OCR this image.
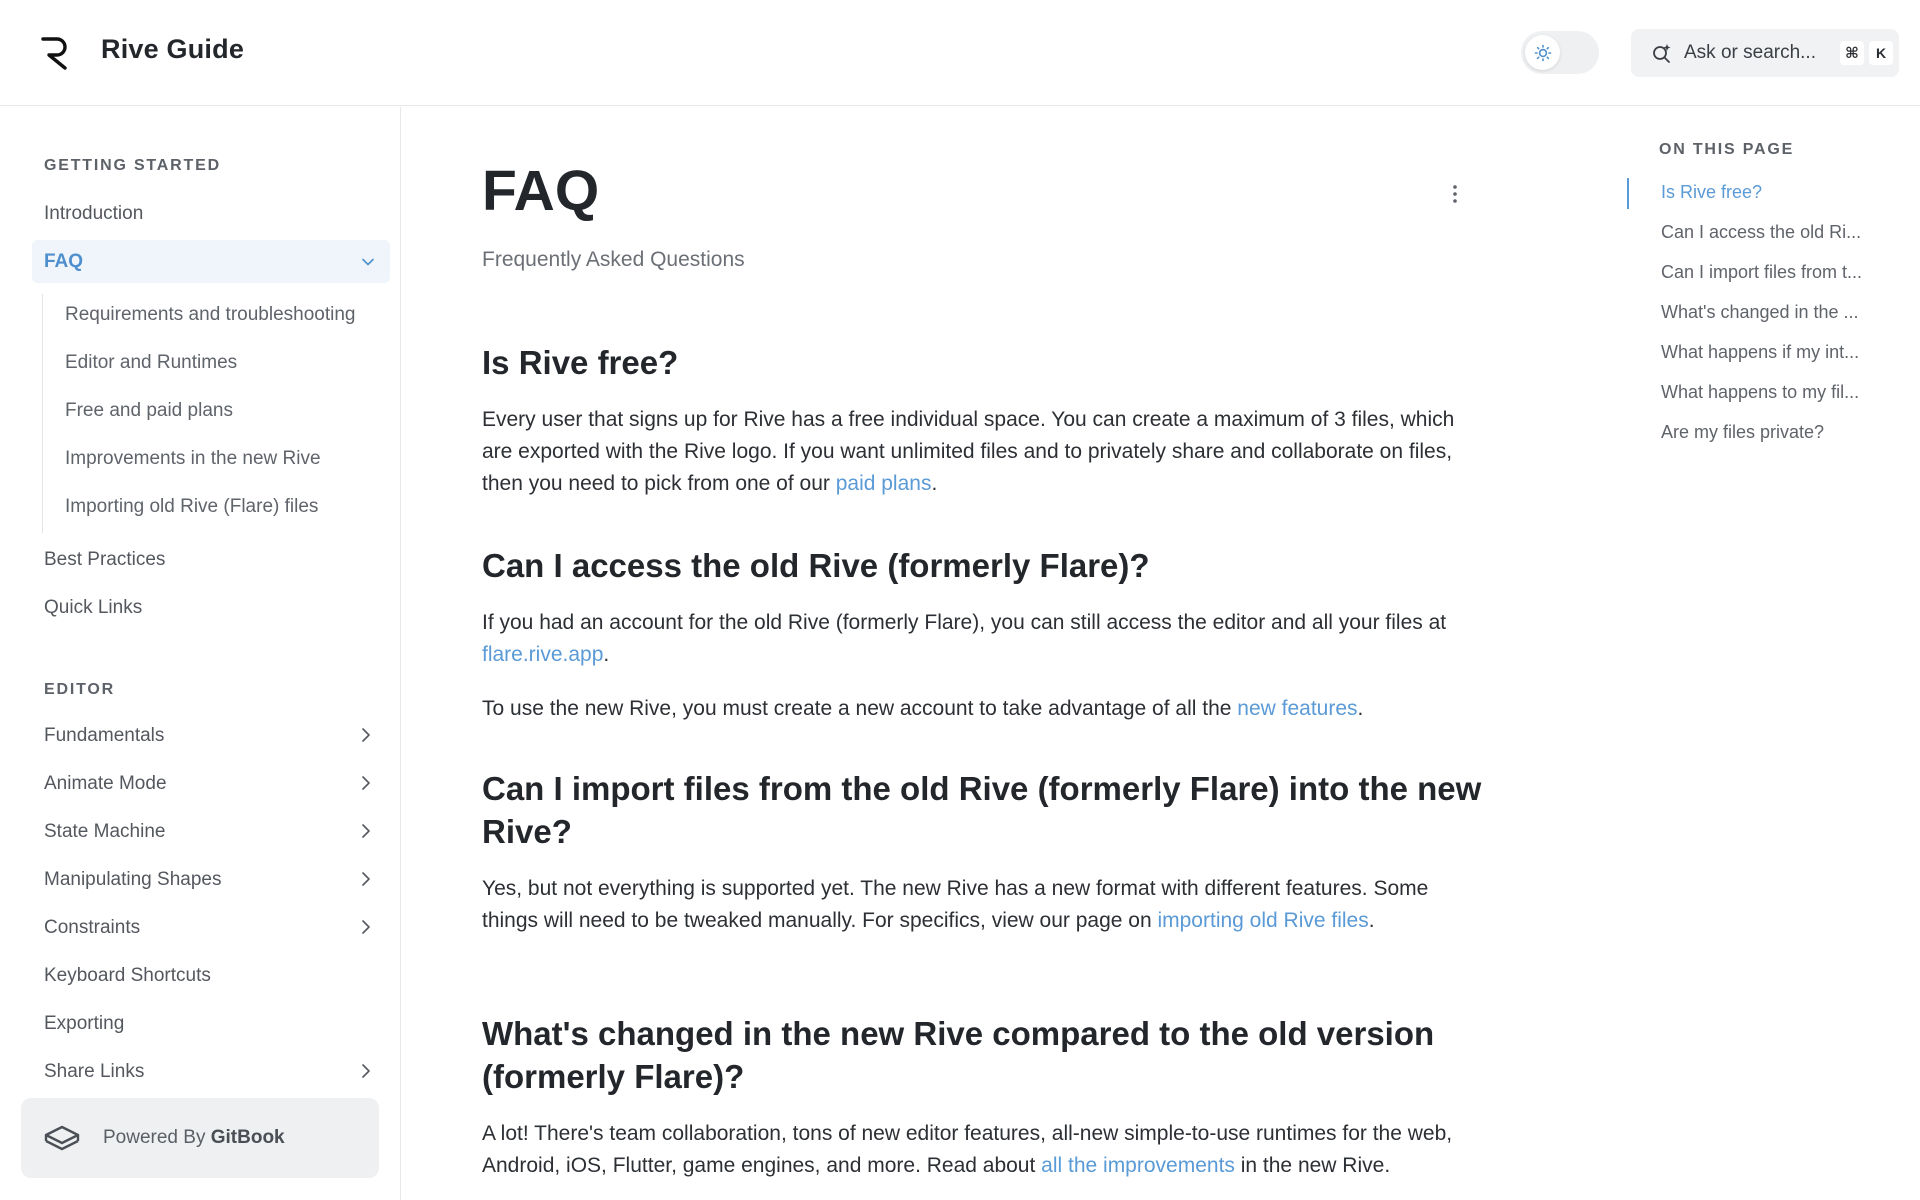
Rive Guide	Ask or search...	⌘	K
GETTING STARTED
Introduction
FAQ
Requirements and troubleshooting
Editor and Runtimes
Free and paid plans
Improvements in the new Rive
Importing old Rive (Flare) files
Best Practices
Quick Links
EDITOR
Fundamentals
Animate Mode
State Machine
Manipulating Shapes
Constraints
Keyboard Shortcuts
Exporting
Share Links
Powered By GitBook
FAQ
Frequently Asked Questions
Is Rive free?

Every user that signs up for Rive has a free individual space. You can create a maximum of 3 files, which are exported with the Rive logo. If you want unlimited files and to privately share and collaborate on files, then you need to pick from one of our paid plans.

Can I access the old Rive (formerly Flare)?

If you had an account for the old Rive (formerly Flare), you can still access the editor and all your files at flare.rive.app.

To use the new Rive, you must create a new account to take advantage of all the new features.

Can I import files from the old Rive (formerly Flare) into the new Rive?

Yes, but not everything is supported yet. The new Rive has a new format with different features. Some things will need to be tweaked manually. For specifics, view our page on importing old Rive files.

What's changed in the new Rive compared to the old version (formerly Flare)?

A lot! There's team collaboration, tons of new editor features, all-new simple-to-use runtimes for the web, Android, iOS, Flutter, game engines, and more. Read about all the improvements in the new Rive.

ON THIS PAGE
Is Rive free?
Can I access the old Ri...
Can I import files from t...
What's changed in the ...
What happens if my int...
What happens to my fil...
Are my files private?
